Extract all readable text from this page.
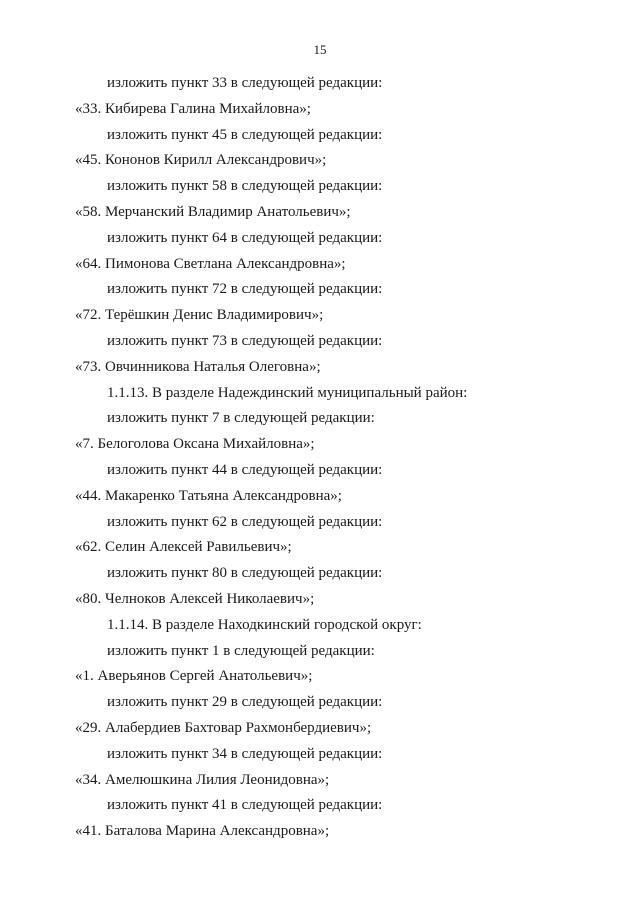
15
изложить пункт 33 в следующей редакции:
«33. Кибирева Галина Михайловна»;
изложить пункт 45 в следующей редакции:
«45. Кононов Кирилл Александрович»;
изложить пункт 58 в следующей редакции:
«58. Мерчанский Владимир Анатольевич»;
изложить пункт 64 в следующей редакции:
«64. Пимонова Светлана Александровна»;
изложить пункт 72 в следующей редакции:
«72. Терёшкин Денис Владимирович»;
изложить пункт 73 в следующей редакции:
«73. Овчинникова Наталья Олеговна»;
1.1.13. В разделе Надеждинский муниципальный район:
изложить пункт 7 в следующей редакции:
«7. Белоголова Оксана Михайловна»;
изложить пункт 44 в следующей редакции:
«44. Макаренко Татьяна Александровна»;
изложить пункт 62 в следующей редакции:
«62. Селин Алексей Равильевич»;
изложить пункт 80 в следующей редакции:
«80. Челноков Алексей Николаевич»;
1.1.14. В разделе Находкинский городской округ:
изложить пункт 1 в следующей редакции:
«1. Аверьянов Сергей Анатольевич»;
изложить пункт 29 в следующей редакции:
«29. Алабердиев Бахтовар Рахмонбердиевич»;
изложить пункт 34 в следующей редакции:
«34. Амелюшкина Лилия Леонидовна»;
изложить пункт 41 в следующей редакции:
«41. Баталова Марина Александровна»;
